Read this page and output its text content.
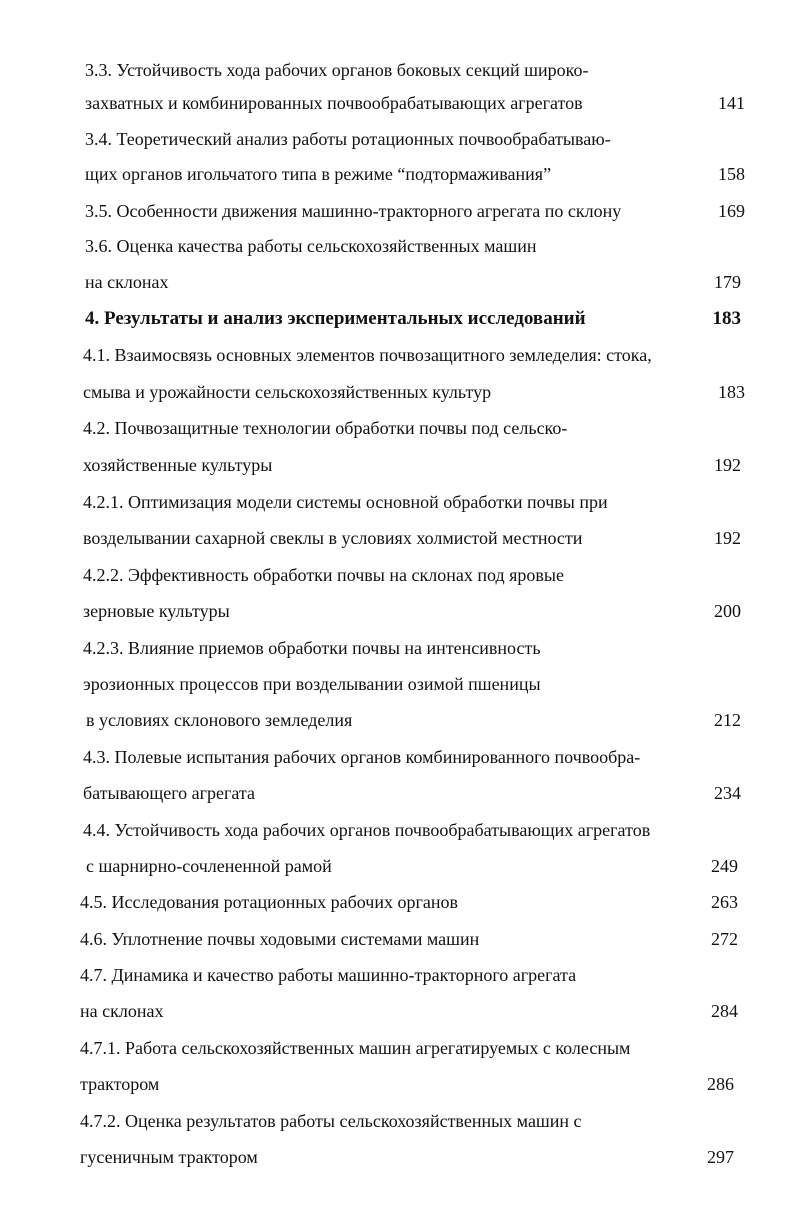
3.3. Устойчивость хода рабочих органов боковых секций широко-
захватных и комбинированных почвообрабатывающих агрегатов	141
3.4. Теоретический анализ работы ротационных почвообрабатываю-
щих органов игольчатого типа в режиме “подтормаживания”	158
3.5. Особенности движения машинно-тракторного агрегата по склону	169
3.6. Оценка качества работы сельскохозяйственных машин
на склонах	179
4. Результаты и анализ экспериментальных исследований	183
4.1. Взаимосвязь основных элементов почвозащитного земледелия: стока,
смыва и урожайности сельскохозяйственных культур	183
4.2. Почвозащитные технологии обработки почвы под сельско-
хозяйственные культуры	192
4.2.1. Оптимизация модели системы основной обработки почвы при
возделывании сахарной свеклы в условиях холмистой местности	192
4.2.2. Эффективность обработки почвы на склонах под яровые
зерновые культуры	200
4.2.3. Влияние приемов обработки почвы на интенсивность
эрозионных процессов при возделывании озимой пшеницы
в условиях склонового земледелия	212
4.3. Полевые испытания рабочих органов комбинированного почвообра-
батывающего агрегата	234
4.4. Устойчивость хода рабочих органов почвообрабатывающих агрегатов
с шарнирно-сочлененной рамой	249
4.5. Исследования ротационных рабочих органов	263
4.6. Уплотнение почвы ходовыми системами машин	272
4.7. Динамика и качество работы машинно-тракторного агрегата
на склонах	284
4.7.1. Работа сельскохозяйственных машин агрегатируемых с колесным
трактором	286
4.7.2. Оценка результатов работы сельскохозяйственных машин с
гусеничным трактором	297
